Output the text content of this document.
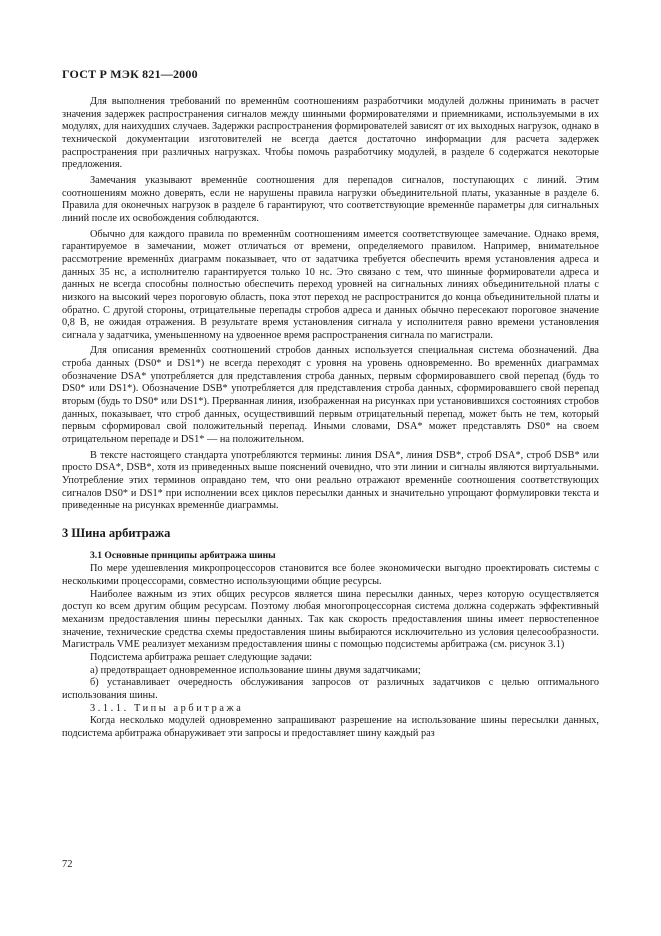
ГОСТ Р МЭК 821—2000

Для выполнения требований по временнûм соотношениям разработчики модулей должны принимать в расчет значения задержек распространения сигналов между шинными формирователями и приемниками, используемыми в их модулях, для наихудших случаев. Задержки распространения формирователей зависят от их выходных нагрузок, однако в технической документации изготовителей не всегда дается достаточно информации для расчета задержек распространения при различных нагрузках. Чтобы помочь разработчику модулей, в разделе 6 содержатся некоторые предложения.

Замечания указывают временнûе соотношения для перепадов сигналов, поступающих с линий. Этим соотношениям можно доверять, если не нарушены правила нагрузки объединительной платы, указанные в разделе 6. Правила для оконечных нагрузок в разделе 6 гарантируют, что соответствующие временнûе параметры для сигнальных линий после их освобождения соблюдаются.

Обычно для каждого правила по временнûм соотношениям имеется соответствующее замечание. Однако время, гарантируемое в замечании, может отличаться от времени, определяемого правилом. Например, внимательное рассмотрение временнûх диаграмм показывает, что от задатчика требуется обеспечить время установления адреса и данных 35 нс, а исполнителю гарантируется только 10 нс. Это связано с тем, что шинные формирователи адреса и данных не всегда способны полностью обеспечить переход уровней на сигнальных линиях объединительной платы с низкого на высокий через пороговую область, пока этот переход не распространится до конца объединительной платы и обратно. С другой стороны, отрицательные перепады стробов адреса и данных обычно пересекают пороговое значение 0,8 В, не ожидая отражения. В результате время установления сигнала у исполнителя равно времени установления сигнала у задатчика, уменьшенному на удвоенное время распространения сигнала по магистрали.

Для описания временнûх соотношений стробов данных используется специальная система обозначений. Два строба данных (DS0* и DS1*) не всегда переходят с уровня на уровень одновременно. Во временнûх диаграммах обозначение DSA* употребляется для представления строба данных, первым сформировавшего свой перепад (будь то DS0* или DS1*). Обозначение DSB* употребляется для представления строба данных, сформировавшего свой перепад вторым (будь то DS0* или DS1*). Прерванная линия, изображенная на рисунках при установившихся состояниях стробов данных, показывает, что строб данных, осуществивший первым отрицательный перепад, может быть не тем, который первым сформировал свой положительный перепад. Иными словами, DSA* может представлять DS0* на своем отрицательном перепаде и DS1* — на положительном.

В тексте настоящего стандарта употребляются термины: линия DSA*, линия DSB*, строб DSA*, строб DSB* или просто DSA*, DSB*, хотя из приведенных выше пояснений очевидно, что эти линии и сигналы являются виртуальными. Употребление этих терминов оправдано тем, что они реально отражают временнûе соотношения соответствующих сигналов DS0* и DS1* при исполнении всех циклов пересылки данных и значительно упрощают формулировки текста и приведенные на рисунках временнûе диаграммы.

3 Шина арбитража
3.1 Основные принципы арбитража шины

По мере удешевления микропроцессоров становится все более экономически выгодно проектировать системы с несколькими процессорами, совместно использующими общие ресурсы.

Наиболее важным из этих общих ресурсов является шина пересылки данных, через которую осуществляется доступ ко всем другим общим ресурсам. Поэтому любая многопроцессорная система должна содержать эффективный механизм предоставления шины пересылки данных. Так как скорость предоставления шины имеет первостепенное значение, технические средства схемы предоставления шины выбираются исключительно из условия целесообразности. Магистраль VME реализует механизм предоставления шины с помощью подсистемы арбитража (см. рисунок 3.1)

Подсистема арбитража решает следующие задачи:

а) предотвращает одновременное использование шины двумя задатчиками;

б) устанавливает очередность обслуживания запросов от различных задатчиков с целью оптимального использования шины.

3.1.1. Типы арбитража

Когда несколько модулей одновременно запрашивают разрешение на использование шины пересылки данных, подсистема арбитража обнаруживает эти запросы и предоставляет шину каждый раз

72
